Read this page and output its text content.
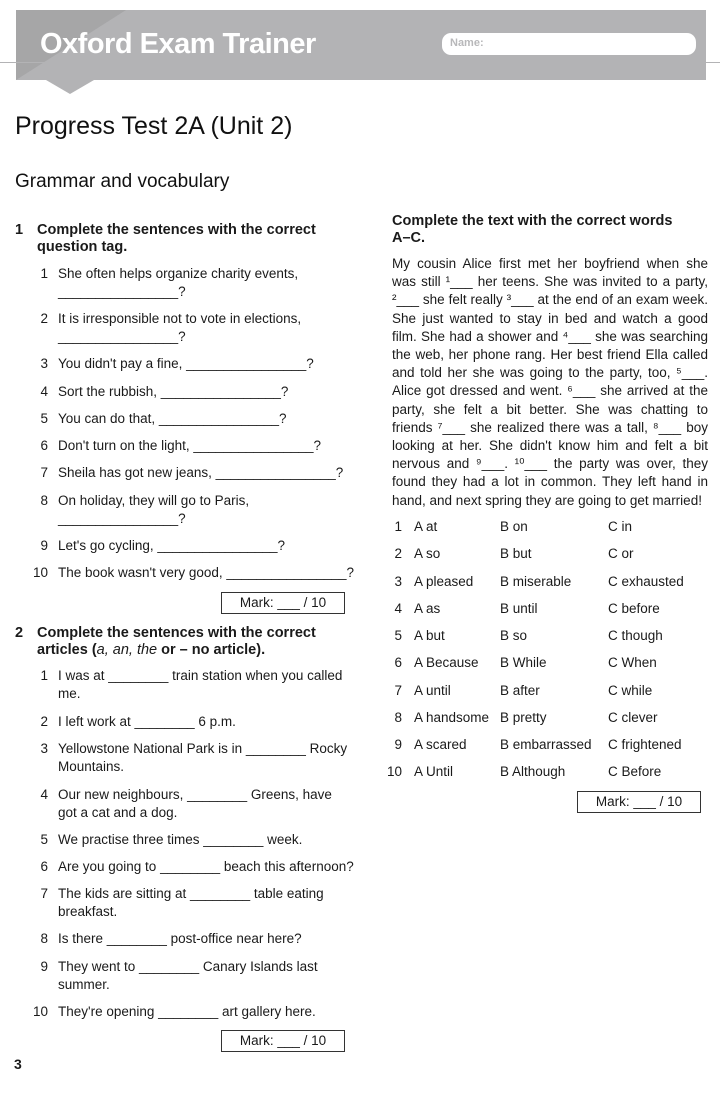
Oxford Exam Trainer	Name:
Progress Test 2A (Unit 2)
Grammar and vocabulary
1 Complete the sentences with the correct question tag.
1 She often helps organize charity events, ________________?
2 It is irresponsible not to vote in elections, ________________?
3 You didn't pay a fine, ________________?
4 Sort the rubbish, ________________?
5 You can do that, ________________?
6 Don't turn on the light, ________________?
7 Sheila has got new jeans, ________________?
8 On holiday, they will go to Paris, ________________?
9 Let's go cycling, ________________?
10 The book wasn't very good, ________________?
Mark: ___ / 10
2 Complete the sentences with the correct articles (a, an, the or – no article).
1 I was at ________ train station when you called me.
2 I left work at ________ 6 p.m.
3 Yellowstone National Park is in ________ Rocky Mountains.
4 Our new neighbours, ________ Greens, have got a cat and a dog.
5 We practise three times ________ week.
6 Are you going to ________ beach this afternoon?
7 The kids are sitting at ________ table eating breakfast.
8 Is there ________ post-office near here?
9 They went to ________ Canary Islands last summer.
10 They're opening ________ art gallery here.
Mark: ___ / 10
Complete the text with the correct words A–C.

My cousin Alice first met her boyfriend when she was still ¹___ her teens. She was invited to a party, ²___ she felt really ³___ at the end of an exam week. She just wanted to stay in bed and watch a good film. She had a shower and ⁴___ she was searching the web, her phone rang. Her best friend Ella called and told her she was going to the party, too, ⁵___. Alice got dressed and went. ⁶___ she arrived at the party, she felt a bit better. She was chatting to friends ⁷___ she realized there was a tall, ⁸___ boy looking at her. She didn't know him and felt a bit nervous and ⁹___. ¹⁰___ the party was over, they found they had a lot in common. They left hand in hand, and next spring they are going to get married!

1 A at	B on	C in
2 A so	B but	C or
3 A pleased B miserable	C exhausted
4 A as	B until	C before
5 A but	B so	C though
6 A Because B While	C When
7 A until	B after	C while
8 A handsome B pretty	C clever
9 A scared B embarrassed C frightened
10 A Until	B Although	C Before
Mark: ___ / 10
3
